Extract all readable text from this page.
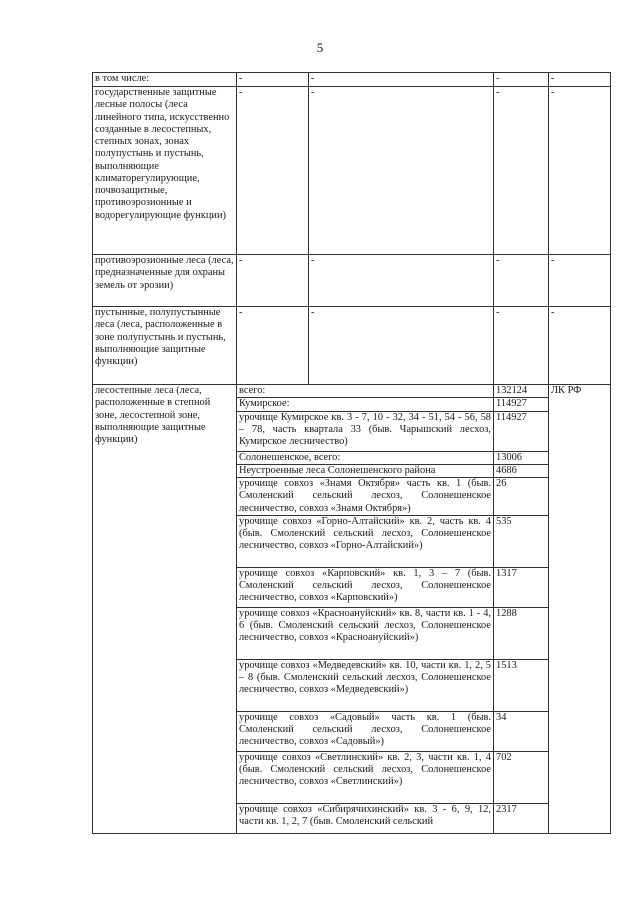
5
в том числе:	-	-	-	-
государственные защитные лесные полосы (леса линейного типа, искусственно созданные в лесостепных, степных зонах, зонах полупустынь и пустынь, выполняющие климаторегулирующие, почвозащитные, противоэрозионные и водорегулирующие функции)	-	-	-	-
противоэрозионные леса (леса, предназначенные для охраны земель от эрозии)	-	-	-	-
пустынные, полупустынные леса (леса, расположенные в зоне полупустынь и пустынь, выполняющие защитные функции)	-	-	-	-
лесостепные леса (леса, расположенные в степной зоне, лесостепной зоне, выполняющие защитные функции)	всего:		132124	ЛК РФ
	Кумирское:		114927	
	урочище Кумирское кв. 3 - 7, 10 - 32, 34 - 51, 54 - 56, 58 – 78, часть квартала 33 (быв. Чарышский лесхоз, Кумирское лесничество)		114927	
	Солонешенское, всего:		13006	
	Неустроенные леса Солонешенского района		4686	
	урочище совхоз «Знамя Октября» часть кв. 1 (быв. Смоленский сельский лесхоз, Солонешенское лесничество, совхоз «Знамя Октября»)		26	
	урочище совхоз «Горно-Алтайский» кв. 2, часть кв. 4 (быв. Смоленский сельский лесхоз, Солонешенское лесничество, совхоз «Горно-Алтайский»)		535	
	урочище совхоз «Карповский» кв. 1, 3 – 7 (быв. Смоленский сельский лесхоз, Солонешенское лесничество, совхоз «Карповский»)		1317	
	урочище совхоз «Красноануйский» кв. 8, части кв. 1 - 4, 6 (быв. Смоленский сельский лесхоз, Солонешенское лесничество, совхоз «Красноануйский»)		1288	
	урочище совхоз «Медведевский» кв. 10, части кв. 1, 2, 5 – 8 (быв. Смоленский сельский лесхоз, Солонешенское лесничество, совхоз «Медведевский»)		1513	
	урочище совхоз «Садовый» часть кв. 1 (быв. Смоленский сельский лесхоз, Солонешенское лесничество, совхоз «Садовый»)		34	
	урочище совхоз «Светлинский» кв. 2, 3, части кв. 1, 4 (быв. Смоленский сельский лесхоз, Солонешенское лесничество, совхоз «Светлинский»)		702	
	урочище совхоз «Сибирячихинский» кв. 3 - 6, 9, 12, части кв. 1, 2, 7 (быв. Смоленский сельский		2317	
